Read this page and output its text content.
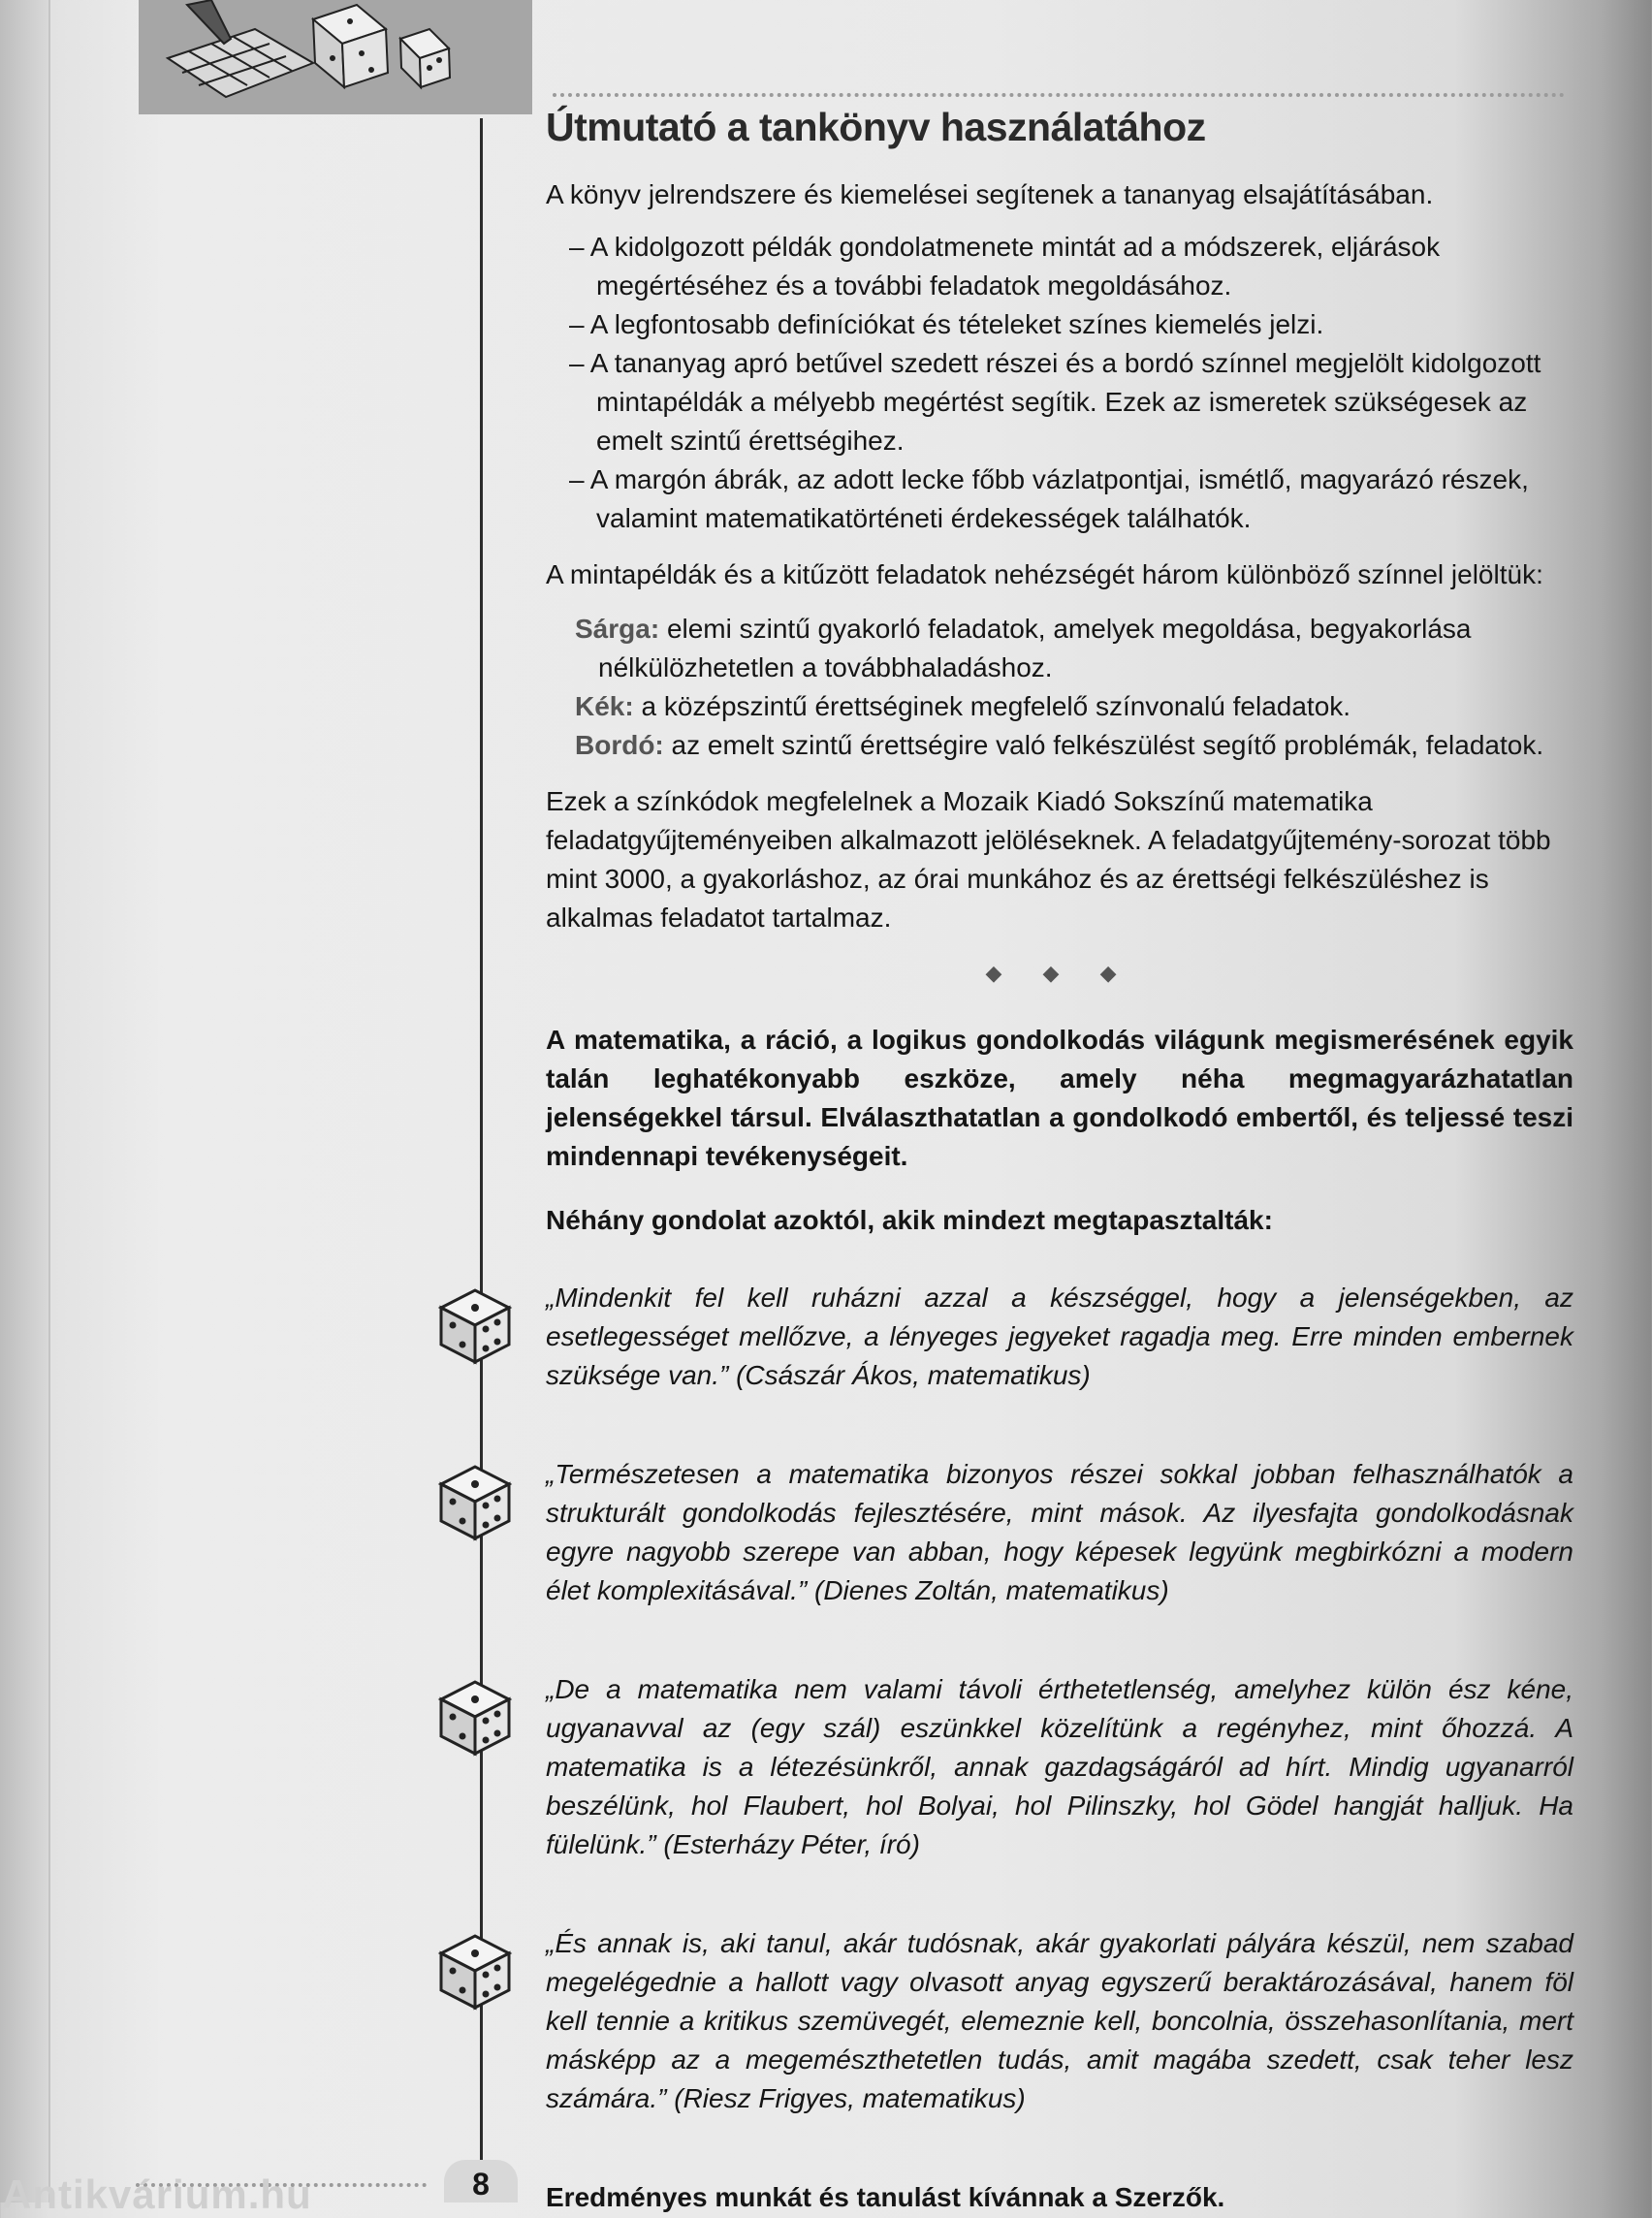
Útmutató a tankönyv használatához

A könyv jelrendszere és kiemelései segítenek a tananyag elsajátításában.

– A kidolgozott példák gondolatmenete mintát ad a módszerek, eljárások megértéséhez és a további feladatok megoldásához.
– A legfontosabb definíciókat és tételeket színes kiemelés jelzi.
– A tananyag apró betűvel szedett részei és a bordó színnel megjelölt kidolgozott mintapéldák a mélyebb megértést segítik. Ezek az ismeretek szükségesek az emelt szintű érettségihez.
– A margón ábrák, az adott lecke főbb vázlatpontjai, ismétlő, magyarázó részek, valamint matematikatörténeti érdekességek találhatók.

A mintapéldák és a kitűzött feladatok nehézségét három különböző színnel jelöltük:

Sárga: elemi szintű gyakorló feladatok, amelyek megoldása, begyakorlása nélkülözhetetlen a továbbhaladáshoz.

Kék: a középszintű érettséginek megfelelő színvonalú feladatok.

Bordó: az emelt szintű érettségire való felkészülést segítő problémák, feladatok.

Ezek a színkódok megfelelnek a Mozaik Kiadó Sokszínű matematika feladatgyűjteményeiben alkalmazott jelöléseknek. A feladatgyűjtemény-sorozat több mint 3000, a gyakorláshoz, az órai munkához és az érettségi felkészüléshez is alkalmas feladatot tartalmaz.

◆ ◆ ◆

A matematika, a ráció, a logikus gondolkodás világunk megismerésének egyik talán leghatékonyabb eszköze, amely néha megmagyarázhatatlan jelenségekkel társul. Elválaszthatatlan a gondolkodó embertől, és teljessé teszi mindennapi tevékenységeit.

Néhány gondolat azoktól, akik mindezt megtapasztalták:

„Mindenkit fel kell ruházni azzal a készséggel, hogy a jelenségekben, az esetlegességet mellőzve, a lényeges jegyeket ragadja meg. Erre minden embernek szüksége van.” (Császár Ákos, matematikus)

„Természetesen a matematika bizonyos részei sokkal jobban felhasználhatók a strukturált gondolkodás fejlesztésére, mint mások. Az ilyesfajta gondolkodásnak egyre nagyobb szerepe van abban, hogy képesek legyünk megbirkózni a modern élet komplexitásával.” (Dienes Zoltán, matematikus)

„De a matematika nem valami távoli érthetetlenség, amelyhez külön ész kéne, ugyanavval az (egy szál) eszünkkel közelítünk a regényhez, mint őhozzá. A matematika is a létezésünkről, annak gazdagságáról ad hírt. Mindig ugyanarról beszélünk, hol Flaubert, hol Bolyai, hol Pilinszky, hol Gödel hangját halljuk. Ha fülelünk.” (Esterházy Péter, író)

„És annak is, aki tanul, akár tudósnak, akár gyakorlati pályára készül, nem szabad megelégednie a hallott vagy olvasott anyag egyszerű beraktározásával, hanem föl kell tennie a kritikus szemüvegét, elemeznie kell, boncolnia, összehasonlítania, mert másképp az a megemészthetetlen tudás, amit magába szedett, csak teher lesz számára.” (Riesz Frigyes, matematikus)

Eredményes munkát és tanulást kívánnak a Szerzők.

Antikvárium.hu	8
